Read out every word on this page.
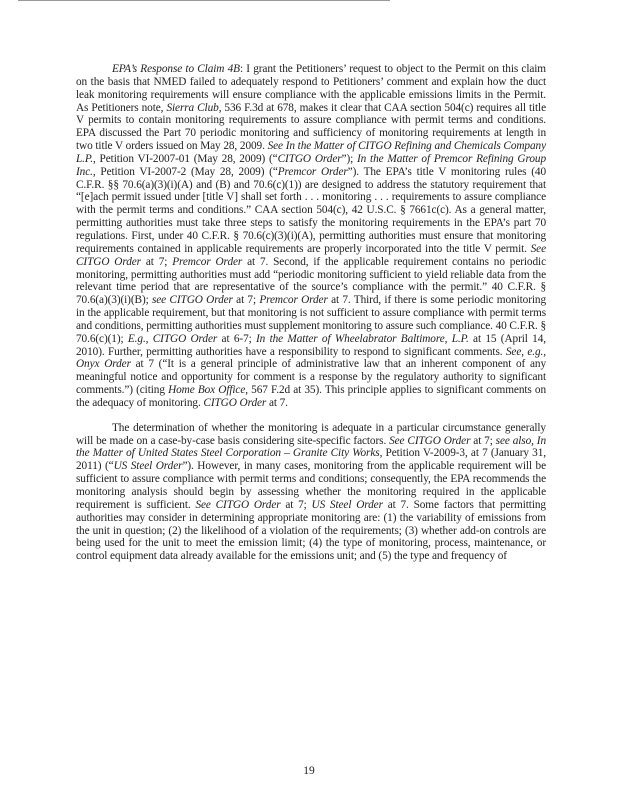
EPA’s Response to Claim 4B: I grant the Petitioners’ request to object to the Permit on this claim on the basis that NMED failed to adequately respond to Petitioners’ comment and explain how the duct leak monitoring requirements will ensure compliance with the applicable emissions limits in the Permit. As Petitioners note, Sierra Club, 536 F.3d at 678, makes it clear that CAA section 504(c) requires all title V permits to contain monitoring requirements to assure compliance with permit terms and conditions. EPA discussed the Part 70 periodic monitoring and sufficiency of monitoring requirements at length in two title V orders issued on May 28, 2009. See In the Matter of CITGO Refining and Chemicals Company L.P., Petition VI-2007-01 (May 28, 2009) (“CITGO Order”); In the Matter of Premcor Refining Group Inc., Petition VI-2007-2 (May 28, 2009) (“Premcor Order”). The EPA’s title V monitoring rules (40 C.F.R. §§ 70.6(a)(3)(i)(A) and (B) and 70.6(c)(1)) are designed to address the statutory requirement that “[e]ach permit issued under [title V] shall set forth . . . monitoring . . . requirements to assure compliance with the permit terms and conditions.” CAA section 504(c), 42 U.S.C. § 7661c(c). As a general matter, permitting authorities must take three steps to satisfy the monitoring requirements in the EPA’s part 70 regulations. First, under 40 C.F.R. § 70.6(c)(3)(i)(A), permitting authorities must ensure that monitoring requirements contained in applicable requirements are properly incorporated into the title V permit. See CITGO Order at 7; Premcor Order at 7. Second, if the applicable requirement contains no periodic monitoring, permitting authorities must add “periodic monitoring sufficient to yield reliable data from the relevant time period that are representative of the source’s compliance with the permit.” 40 C.F.R. § 70.6(a)(3)(i)(B); see CITGO Order at 7; Premcor Order at 7. Third, if there is some periodic monitoring in the applicable requirement, but that monitoring is not sufficient to assure compliance with permit terms and conditions, permitting authorities must supplement monitoring to assure such compliance. 40 C.F.R. § 70.6(c)(1); E.g., CITGO Order at 6-7; In the Matter of Wheelabrator Baltimore, L.P. at 15 (April 14, 2010). Further, permitting authorities have a responsibility to respond to significant comments. See, e.g., Onyx Order at 7 (“It is a general principle of administrative law that an inherent component of any meaningful notice and opportunity for comment is a response by the regulatory authority to significant comments.”) (citing Home Box Office, 567 F.2d at 35). This principle applies to significant comments on the adequacy of monitoring. CITGO Order at 7.

The determination of whether the monitoring is adequate in a particular circumstance generally will be made on a case-by-case basis considering site-specific factors. See CITGO Order at 7; see also, In the Matter of United States Steel Corporation – Granite City Works, Petition V-2009-3, at 7 (January 31, 2011) (“US Steel Order”). However, in many cases, monitoring from the applicable requirement will be sufficient to assure compliance with permit terms and conditions; consequently, the EPA recommends the monitoring analysis should begin by assessing whether the monitoring required in the applicable requirement is sufficient. See CITGO Order at 7; US Steel Order at 7. Some factors that permitting authorities may consider in determining appropriate monitoring are: (1) the variability of emissions from the unit in question; (2) the likelihood of a violation of the requirements; (3) whether add-on controls are being used for the unit to meet the emission limit; (4) the type of monitoring, process, maintenance, or control equipment data already available for the emissions unit; and (5) the type and frequency of

19
